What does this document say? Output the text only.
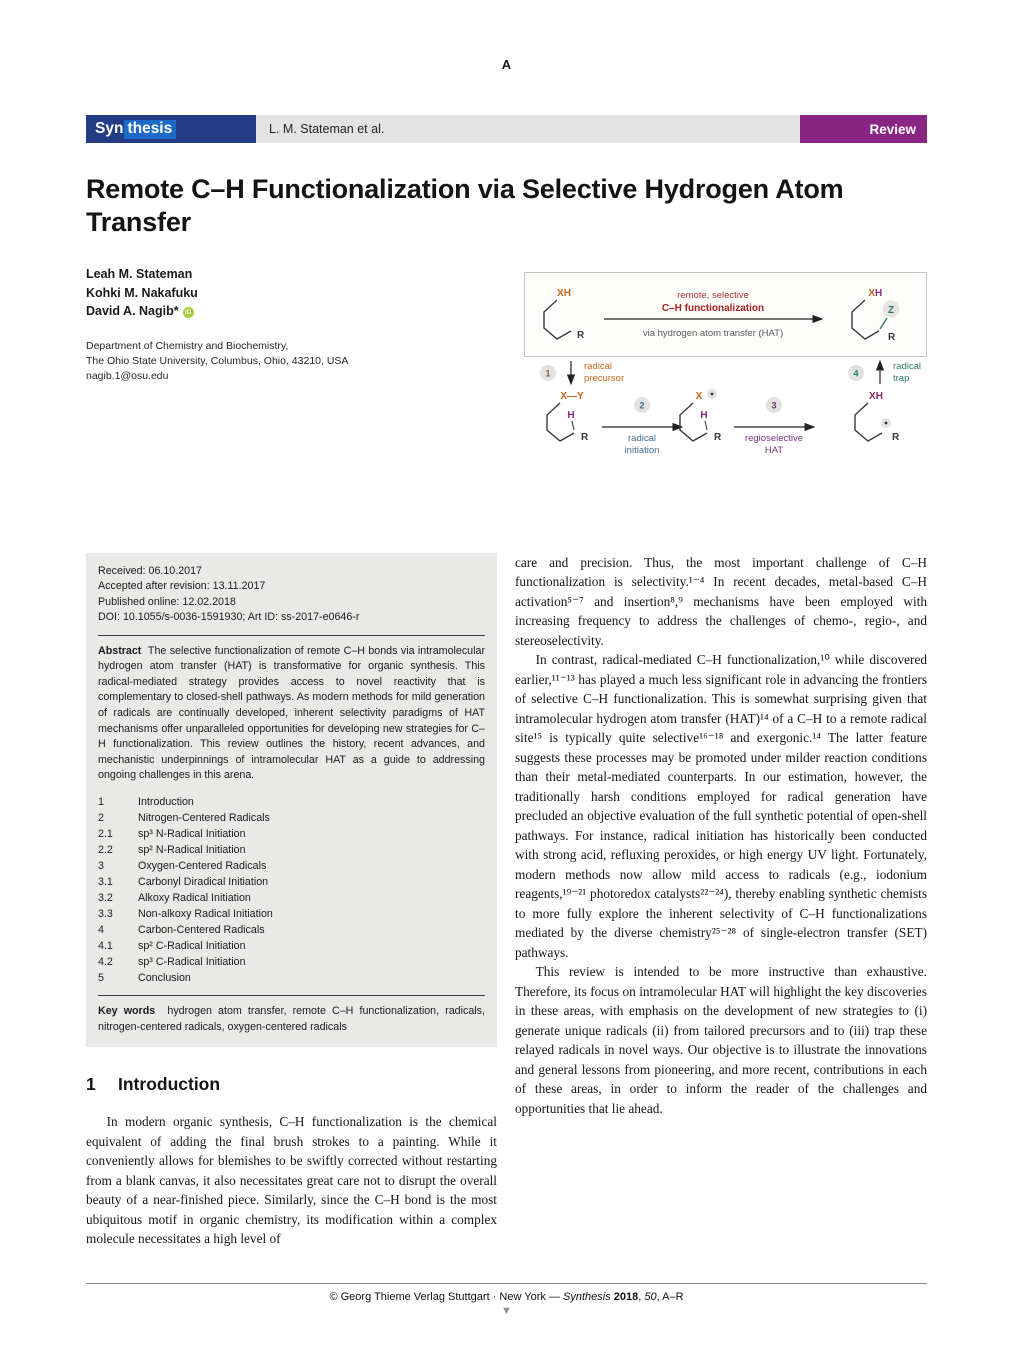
A
Syn thesis	L. M. Stateman et al.	Review
Remote C–H Functionalization via Selective Hydrogen Atom Transfer
Leah M. Stateman
Kohki M. Nakafuku
David A. Nagib* iD
Department of Chemistry and Biochemistry,
The Ohio State University, Columbus, Ohio, 43210, USA
nagib.1@osu.edu
XH
R
remote, selective
C–H functionalization
via hydrogen atom transfer (HAT)
X H
Z
R
1
radical
precursor	4
radical
trap
X—Y
H
R
2
radical
initiation
X
H
R
3
regioselective
HAT
XH
R
Received: 06.10.2017
Accepted after revision: 13.11.2017
Published online: 12.02.2018
DOI: 10.1055/s-0036-1591930; Art ID: ss-2017-e0646-r

Abstract The selective functionalization of remote C–H bonds via intramolecular hydrogen atom transfer (HAT) is transformative for organic synthesis. This radical-mediated strategy provides access to novel reactivity that is complementary to closed-shell pathways. As modern methods for mild generation of radicals are continually developed, inherent selectivity paradigms of HAT mechanisms offer unparalleled opportunities for developing new strategies for C–H functionalization. This review outlines the history, recent advances, and mechanistic underpinnings of intramolecular HAT as a guide to addressing ongoing challenges in this arena.

1	Introduction
2	Nitrogen-Centered Radicals
2.1	sp³ N-Radical Initiation
2.2	sp² N-Radical Initiation
3	Oxygen-Centered Radicals
3.1	Carbonyl Diradical Initiation
3.2	Alkoxy Radical Initiation
3.3	Non-alkoxy Radical Initiation
4	Carbon-Centered Radicals
4.1	sp² C-Radical Initiation
4.2	sp³ C-Radical Initiation
5	Conclusion

Key words hydrogen atom transfer, remote C–H functionalization, radicals, nitrogen-centered radicals, oxygen-centered radicals

1	Introduction

In modern organic synthesis, C–H functionalization is the chemical equivalent of adding the final brush strokes to a painting. While it conveniently allows for blemishes to be swiftly corrected without restarting from a blank canvas, it also necessitates great care not to disrupt the overall beauty of a near-finished piece. Similarly, since the C–H bond is the most ubiquitous motif in organic chemistry, its modification within a complex molecule necessitates a high level of

care and precision. Thus, the most important challenge of C–H functionalization is selectivity.¹⁻⁴ In recent decades, metal-based C–H activation⁵⁻⁷ and insertion⁸,⁹ mechanisms have been employed with increasing frequency to address the challenges of chemo-, regio-, and stereoselectivity.

In contrast, radical-mediated C–H functionalization,¹⁰ while discovered earlier,¹¹⁻¹³ has played a much less significant role in advancing the frontiers of selective C–H functionalization. This is somewhat surprising given that intramolecular hydrogen atom transfer (HAT)¹⁴ of a C–H to a remote radical site¹⁵ is typically quite selective¹⁶⁻¹⁸ and exergonic.¹⁴ The latter feature suggests these processes may be promoted under milder reaction conditions than their metal-mediated counterparts. In our estimation, however, the traditionally harsh conditions employed for radical generation have precluded an objective evaluation of the full synthetic potential of open-shell pathways. For instance, radical initiation has historically been conducted with strong acid, refluxing peroxides, or high energy UV light. Fortunately, modern methods now allow mild access to radicals (e.g., iodonium reagents,¹⁹⁻²¹ photoredox catalysts²²⁻²⁴), thereby enabling synthetic chemists to more fully explore the inherent selectivity of C–H functionalizations mediated by the diverse chemistry²⁵⁻²⁸ of single-electron transfer (SET) pathways.

This review is intended to be more instructive than exhaustive. Therefore, its focus on intramolecular HAT will highlight the key discoveries in these areas, with emphasis on the development of new strategies to (i) generate unique radicals (ii) from tailored precursors and to (iii) trap these relayed radicals in novel ways. Our objective is to illustrate the innovations and general lessons from pioneering, and more recent, contributions in each of these areas, in order to inform the reader of the challenges and opportunities that lie ahead.

© Georg Thieme Verlag Stuttgart · New York — Synthesis 2018, 50, A–R
▼
